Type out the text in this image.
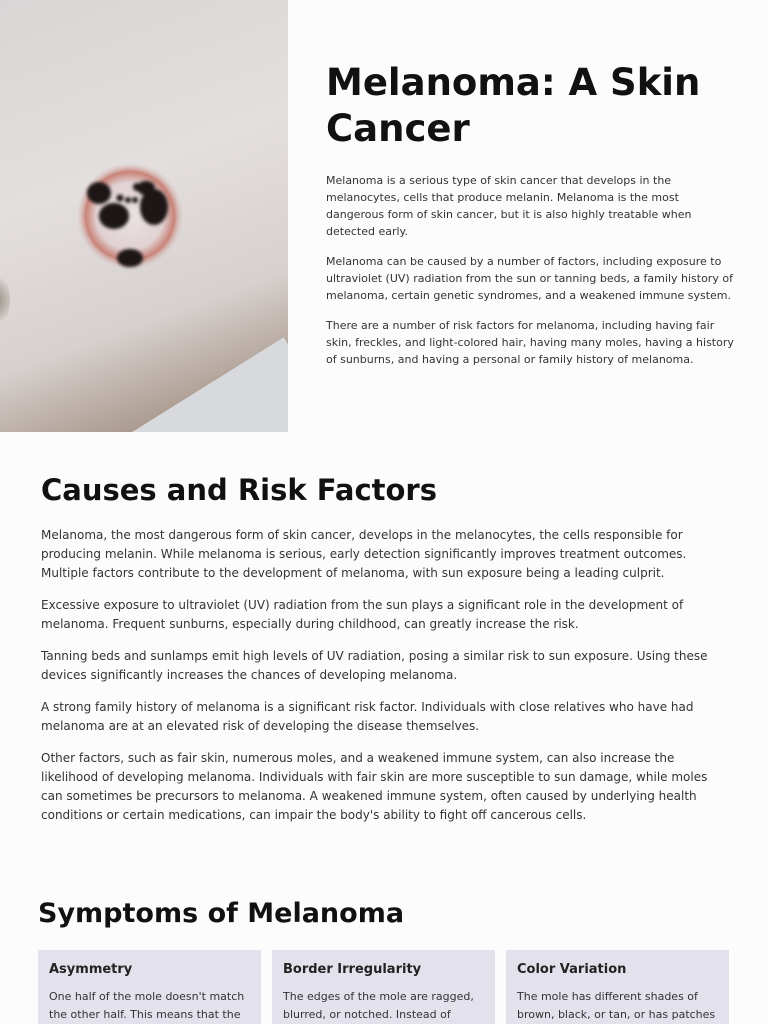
Melanoma: A Skin Cancer

Melanoma is a serious type of skin cancer that develops in the melanocytes, cells that produce melanin. Melanoma is the most dangerous form of skin cancer, but it is also highly treatable when detected early.

Melanoma can be caused by a number of factors, including exposure to ultraviolet (UV) radiation from the sun or tanning beds, a family history of melanoma, certain genetic syndromes, and a weakened immune system.

There are a number of risk factors for melanoma, including having fair skin, freckles, and light-colored hair, having many moles, having a history of sunburns, and having a personal or family history of melanoma.

Causes and Risk Factors

Melanoma, the most dangerous form of skin cancer, develops in the melanocytes, the cells responsible for producing melanin. While melanoma is serious, early detection significantly improves treatment outcomes. Multiple factors contribute to the development of melanoma, with sun exposure being a leading culprit.

Excessive exposure to ultraviolet (UV) radiation from the sun plays a significant role in the development of melanoma. Frequent sunburns, especially during childhood, can greatly increase the risk.

Tanning beds and sunlamps emit high levels of UV radiation, posing a similar risk to sun exposure. Using these devices significantly increases the chances of developing melanoma.

A strong family history of melanoma is a significant risk factor. Individuals with close relatives who have had melanoma are at an elevated risk of developing the disease themselves.

Other factors, such as fair skin, numerous moles, and a weakened immune system, can also increase the likelihood of developing melanoma. Individuals with fair skin are more susceptible to sun damage, while moles can sometimes be precursors to melanoma. A weakened immune system, often caused by underlying health conditions or certain medications, can impair the body's ability to fight off cancerous cells.

Symptoms of Melanoma
Asymmetry

One half of the mole doesn't match the other half. This means that the

Border Irregularity

The edges of the mole are ragged, blurred, or notched. Instead of

Color Variation

The mole has different shades of brown, black, or tan, or has patches
